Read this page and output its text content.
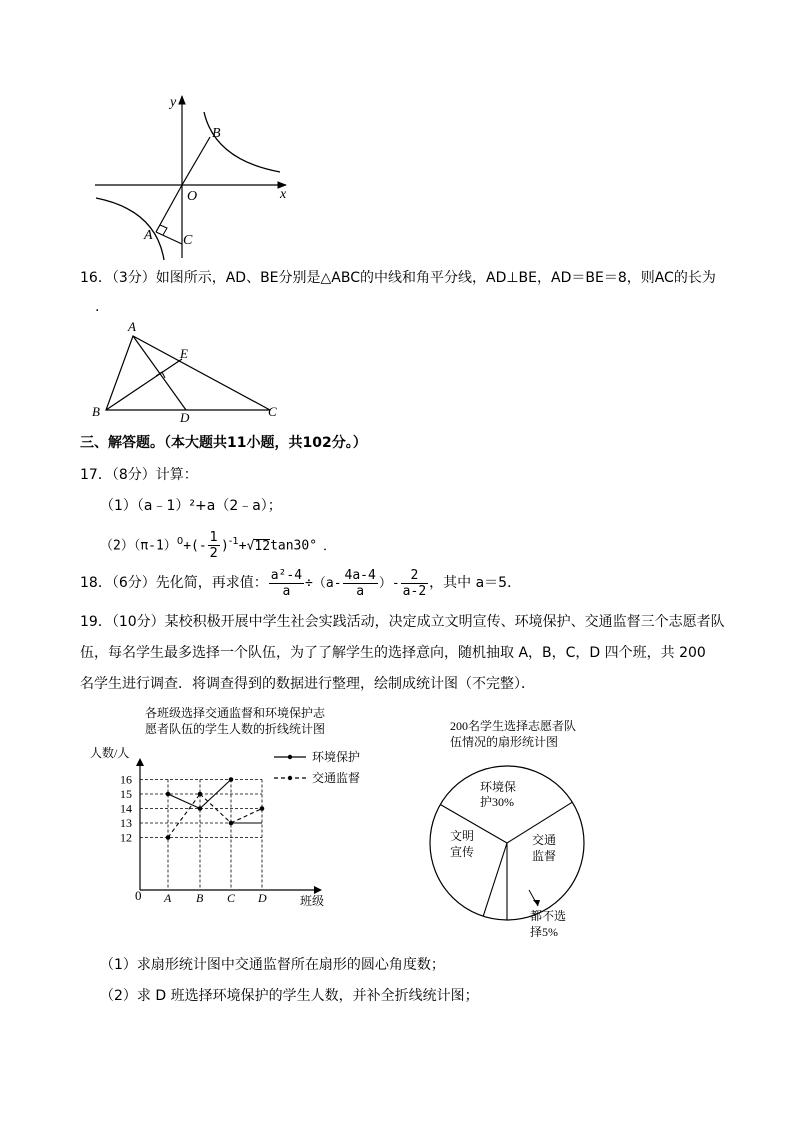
y
x
O
B
A C
16．（3分）如图所示，AD、BE分别是△ABC的中线和角平分线，AD⊥BE，AD＝BE＝8，则AC的长为
.
A
B	C
D
E
三、解答题。（本大题共11小题，共102分。）
17．（8分）计算：
（1）（a﹣1）²+a（2﹣a）；
$(2)(\pi-1)^0+(- \frac{1}{2} )^{-1}+√12\tan 30^\circ$ ．
18．（6分）先化简，再求值： $\frac{\text{a²-4}}{a} \div(a- \frac{4a-4}{a}$ ）- $\frac{2}{a-2}$ ，其中 a＝5．
19．（10分）某校积极开展中学生社会实践活动，决定成立文明宣传、环境保护、交通监督三个志愿者队
伍，每名学生最多选择一个队伍，为了了解学生的选择意向，随机抽取 A，B，C，D 四个班，共 200
名学生进行调查．将调查得到的数据进行整理，绘制成统计图（不完整）．
各班级选择交通监督和环境保护志
愿者队伍的学生人数的折线统计图
人数/人
班级
0
12
13
14
15
16
A B C D
环境保护
交通监督
200名学生选择志愿者队
伍情况的扇形统计图
环境保
护30%
交通
监督
文明
宣传
都不选
择5%
（1）求扇形统计图中交通监督所在扇形的圆心角度数；
（2）求 D 班选择环境保护的学生人数，并补全折线统计图；
